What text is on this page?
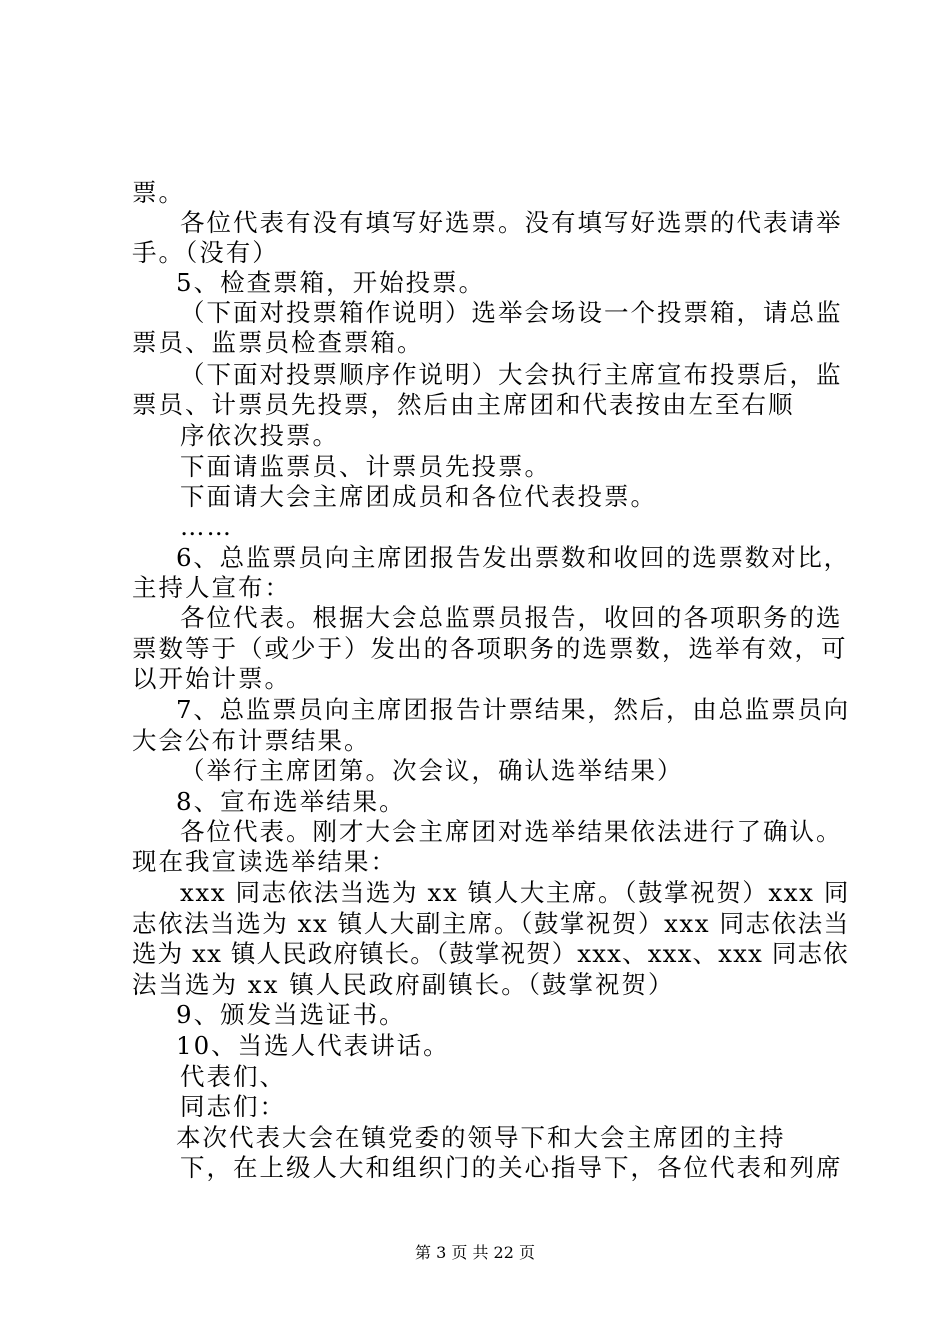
票。
各位代表有没有填写好选票。没有填写好选票的代表请举
手。（没有）
5、检查票箱，开始投票。
（下面对投票箱作说明）选举会场设一个投票箱，请总监
票员、监票员检查票箱。
（下面对投票顺序作说明）大会执行主席宣布投票后，监
票员、计票员先投票，然后由主席团和代表按由左至右顺
序依次投票。
下面请监票员、计票员先投票。
下面请大会主席团成员和各位代表投票。
……
6、总监票员向主席团报告发出票数和收回的选票数对比，
主持人宣布：
各位代表。根据大会总监票员报告，收回的各项职务的选
票数等于（或少于）发出的各项职务的选票数，选举有效，可
以开始计票。
7、总监票员向主席团报告计票结果，然后，由总监票员向
大会公布计票结果。
（举行主席团第。次会议，确认选举结果）
8、宣布选举结果。
各位代表。刚才大会主席团对选举结果依法进行了确认。
现在我宣读选举结果：
xxx 同志依法当选为 xx 镇人大主席。（鼓掌祝贺）xxx 同
志依法当选为 xx 镇人大副主席。（鼓掌祝贺）xxx 同志依法当
选为 xx 镇人民政府镇长。（鼓掌祝贺）xxx、xxx、xxx 同志依
法当选为 xx 镇人民政府副镇长。（鼓掌祝贺）
9、颁发当选证书。
10、当选人代表讲话。
代表们、
同志们：
本次代表大会在镇党委的领导下和大会主席团的主持
下，在上级人大和组织门的关心指导下，各位代表和列席
第 3 页 共 22 页
